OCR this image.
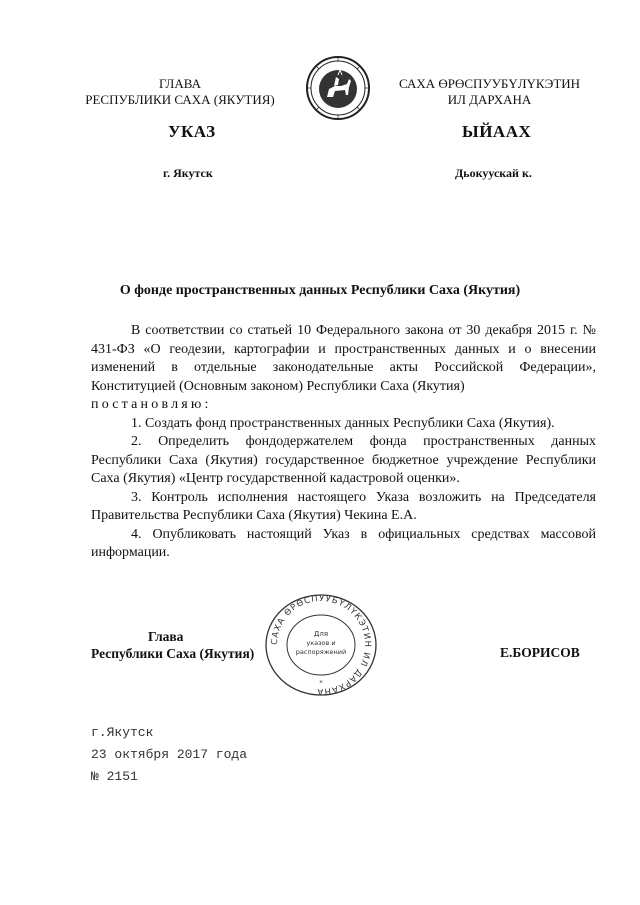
ГЛАВА
РЕСПУБЛИКИ САХА (ЯКУТИЯ)
САХА ӨРӨСПУУБҮЛҮКЭТИН
ИЛ ДАРХАНА
УКАЗ	ЫЙААХ
г. Якутск	Дьокуускай к.
О фонде пространственных данных Республики Саха (Якутия)

В соответствии со статьей 10 Федерального закона от 30 декабря 2015 г. № 431-ФЗ «О геодезии, картографии и пространственных данных и о внесении изменений в отдельные законодательные акты Российской Федерации», Конституцией (Основным законом) Республики Саха (Якутия)

постановляю:

1. Создать фонд пространственных данных Республики Саха (Якутия).

2. Определить фондодержателем фонда пространственных данных Республики Саха (Якутия) государственное бюджетное учреждение Республики Саха (Якутия) «Центр государственной кадастровой оценки».

3. Контроль исполнения настоящего Указа возложить на Председателя Правительства Республики Саха (Якутия) Чекина Е.А.

4. Опубликовать настоящий Указ в официальных средствах массовой информации.

САХА ӨРӨСПУУБҮЛҮКЭТИН ИЛ ДАРХАНА
Для
указов и
распоряжений
*
Глава
Республики Саха (Якутия)	Е.БОРИСОВ
г.Якутск
23 октября 2017 года
№ 2151
